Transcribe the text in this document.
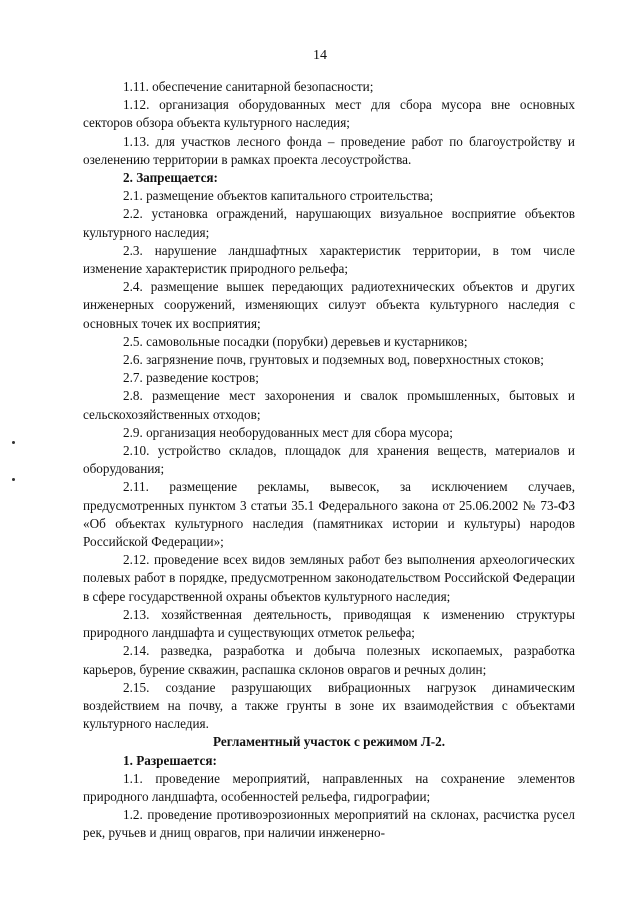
14

1.11. обеспечение санитарной безопасности;

1.12. организация оборудованных мест для сбора мусора вне основных секторов обзора объекта культурного наследия;

1.13. для участков лесного фонда – проведение работ по благоустройству и озеленению территории в рамках проекта лесоустройства.

2. Запрещается:

2.1. размещение объектов капитального строительства;

2.2. установка ограждений, нарушающих визуальное восприятие объектов культурного наследия;

2.3. нарушение ландшафтных характеристик территории, в том числе изменение характеристик природного рельефа;

2.4. размещение вышек передающих радиотехнических объектов и других инженерных сооружений, изменяющих силуэт объекта культурного наследия с основных точек их восприятия;

2.5. самовольные посадки (порубки) деревьев и кустарников;

2.6. загрязнение почв, грунтовых и подземных вод, поверхностных стоков;

2.7. разведение костров;

2.8. размещение мест захоронения и свалок промышленных, бытовых и сельскохозяйственных отходов;

2.9. организация необорудованных мест для сбора мусора;

2.10. устройство складов, площадок для хранения веществ, материалов и оборудования;

2.11. размещение рекламы, вывесок, за исключением случаев, предусмотренных пунктом 3 статьи 35.1 Федерального закона от 25.06.2002 № 73-ФЗ «Об объектах культурного наследия (памятниках истории и культуры) народов Российской Федерации»;

2.12. проведение всех видов земляных работ без выполнения археологических полевых работ в порядке, предусмотренном законодательством Российской Федерации в сфере государственной охраны объектов культурного наследия;

2.13. хозяйственная деятельность, приводящая к изменению структуры природного ландшафта и существующих отметок рельефа;

2.14. разведка, разработка и добыча полезных ископаемых, разработка карьеров, бурение скважин, распашка склонов оврагов и речных долин;

2.15. создание разрушающих вибрационных нагрузок динамическим воздействием на почву, а также грунты в зоне их взаимодействия с объектами культурного наследия.

Регламентный участок с режимом Л-2.

1. Разрешается:

1.1. проведение мероприятий, направленных на сохранение элементов природного ландшафта, особенностей рельефа, гидрографии;

1.2. проведение противоэрозионных мероприятий на склонах, расчистка русел рек, ручьев и днищ оврагов, при наличии инженерно-
